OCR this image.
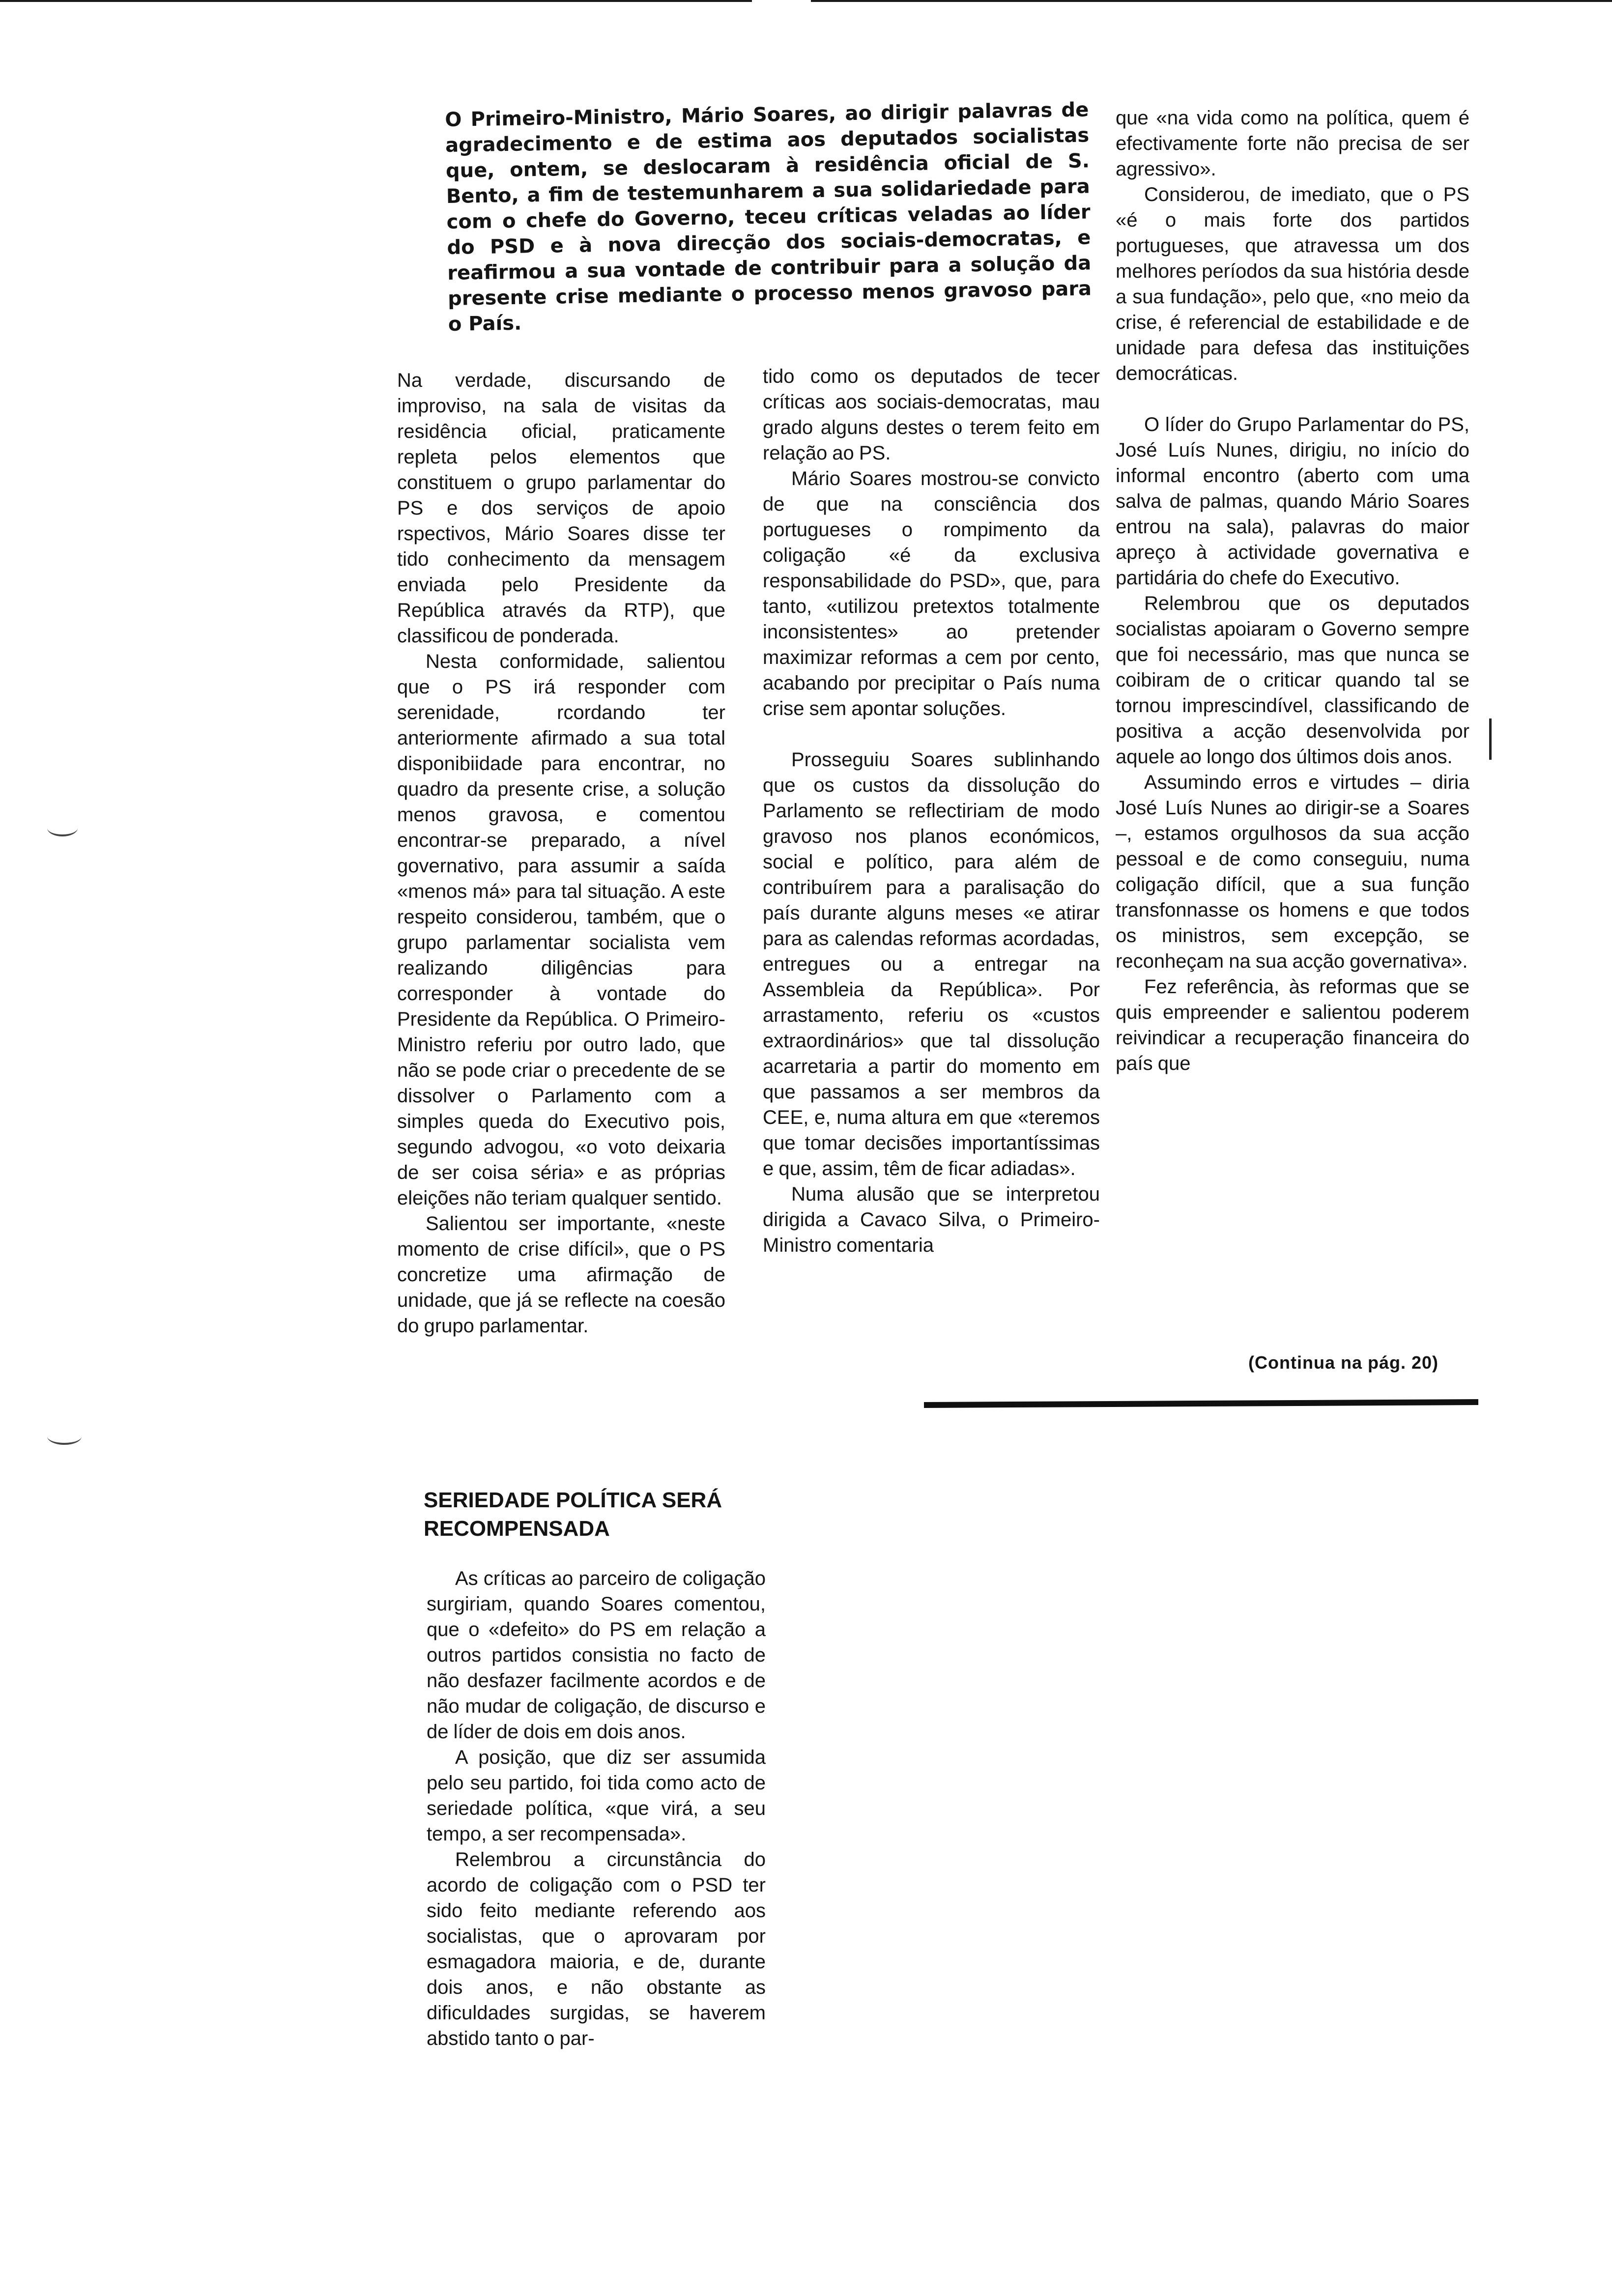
O Primeiro-Ministro, Mário Soares, ao dirigir palavras de agradecimento e de estima aos deputados socialistas que, ontem, se deslocaram à residência oficial de S. Bento, a fim de testemunharem a sua solidariedade para com o chefe do Governo, teceu críticas veladas ao líder do PSD e à nova direcção dos sociais-democratas, e reafirmou a sua vontade de contribuir para a solução da presente crise mediante o processo menos gravoso para o País.

Na verdade, discursando de improviso, na sala de visitas da residência oficial, praticamente repleta pelos elementos que constituem o grupo parlamentar do PS e dos serviços de apoio rspectivos, Mário Soares disse ter tido conhecimento da mensagem enviada pelo Presidente da República através da RTP), que classificou de ponderada.

Nesta conformidade, salientou que o PS irá responder com serenidade, rcordando ter anteriormente afirmado a sua total disponibiidade para encontrar, no quadro da presente crise, a solução menos gravosa, e comentou encontrar-se preparado, a nível governativo, para assumir a saída «menos má» para tal situação. A este respeito considerou, também, que o grupo parlamentar socialista vem realizando diligências para corresponder à vontade do Presidente da República. O Primeiro-Ministro referiu por outro lado, que não se pode criar o precedente de se dissolver o Parlamento com a simples queda do Executivo pois, segundo advogou, «o voto deixaria de ser coisa séria» e as próprias eleições não teriam qualquer sentido.

Salientou ser importante, «neste momento de crise difícil», que o PS concretize uma afirmação de unidade, que já se reflecte na coesão do grupo parlamentar.

SERIEDADE POLÍTICA SERÁ RECOMPENSADA

As críticas ao parceiro de coligação surgiriam, quando Soares comentou, que o «defeito» do PS em relação a outros partidos consistia no facto de não desfazer facilmente acordos e de não mudar de coligação, de discurso e de líder de dois em dois anos.

A posição, que diz ser assumida pelo seu partido, foi tida como acto de seriedade política, «que virá, a seu tempo, a ser recompensada».

Relembrou a circunstância do acordo de coligação com o PSD ter sido feito mediante referendo aos socialistas, que o aprovaram por esmagadora maioria, e de, durante dois anos, e não obstante as dificuldades surgidas, se haverem abstido tanto o par-

tido como os deputados de tecer críticas aos sociais-democratas, mau grado alguns destes o terem feito em relação ao PS.

Mário Soares mostrou-se convicto de que na consciência dos portugueses o rompimento da coligação «é da exclusiva responsabilidade do PSD», que, para tanto, «utilizou pretextos totalmente inconsistentes» ao pretender maximizar reformas a cem por cento, acabando por precipitar o País numa crise sem apontar soluções.

Prosseguiu Soares sublinhando que os custos da dissolução do Parlamento se reflectiriam de modo gravoso nos planos económicos, social e político, para além de contribuírem para a paralisação do país durante alguns meses «e atirar para as calendas reformas acordadas, entregues ou a entregar na Assembleia da República». Por arrastamento, referiu os «custos extraordinários» que tal dissolução acarretaria a partir do momento em que passamos a ser membros da CEE, e, numa altura em que «teremos que tomar decisões importantíssimas e que, assim, têm de ficar adiadas».

Numa alusão que se interpretou dirigida a Cavaco Silva, o Primeiro-Ministro comentaria

que «na vida como na política, quem é efectivamente forte não precisa de ser agressivo».

Considerou, de imediato, que o PS «é o mais forte dos partidos portugueses, que atravessa um dos melhores períodos da sua história desde a sua fundação», pelo que, «no meio da crise, é referencial de estabilidade e de unidade para defesa das instituições democráticas.

O líder do Grupo Parlamentar do PS, José Luís Nunes, dirigiu, no início do informal encontro (aberto com uma salva de palmas, quando Mário Soares entrou na sala), palavras do maior apreço à actividade governativa e partidária do chefe do Executivo.

Relembrou que os deputados socialistas apoiaram o Governo sempre que foi necessário, mas que nunca se coibiram de o criticar quando tal se tornou imprescindível, classificando de positiva a acção desenvolvida por aquele ao longo dos últimos dois anos.

Assumindo erros e virtudes – diria José Luís Nunes ao dirigir-se a Soares –, estamos orgulhosos da sua acção pessoal e de como conseguiu, numa coligação difícil, que a sua função transfonnasse os homens e que todos os ministros, sem excepção, se reconheçam na sua acção governativa».

Fez referência, às reformas que se quis empreender e salientou poderem reivindicar a recuperação financeira do país que

(Continua na pág. 20)
